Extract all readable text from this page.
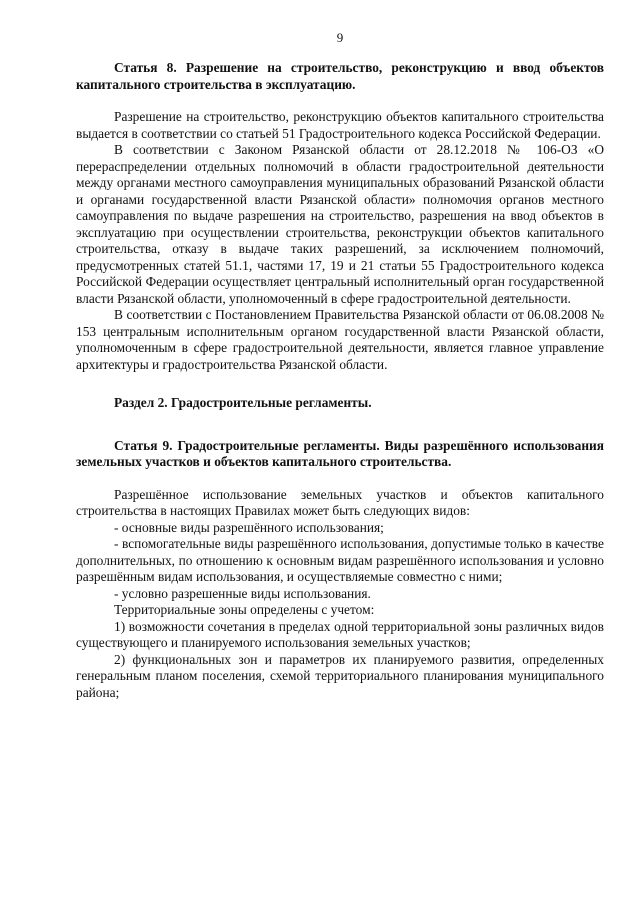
9
Статья 8. Разрешение на строительство, реконструкцию и ввод объектов капитального строительства в эксплуатацию.

Разрешение на строительство, реконструкцию объектов капитального строительства выдается в соответствии со статьей 51 Градостроительного кодекса Российской Федерации.

В соответствии с Законом Рязанской области от 28.12.2018 № 106-ОЗ «О перераспределении отдельных полномочий в области градостроительной деятельности между органами местного самоуправления муниципальных образований Рязанской области и органами государственной власти Рязанской области» полномочия органов местного самоуправления по выдаче разрешения на строительство, разрешения на ввод объектов в эксплуатацию при осуществлении строительства, реконструкции объектов капитального строительства, отказу в выдаче таких разрешений, за исключением полномочий, предусмотренных статей 51.1, частями 17, 19 и 21 статьи 55 Градостроительного кодекса Российской Федерации осуществляет центральный исполнительный орган государственной власти Рязанской области, уполномоченный в сфере градостроительной деятельности.

В соответствии с Постановлением Правительства Рязанской области от 06.08.2008 № 153 центральным исполнительным органом государственной власти Рязанской области, уполномоченным в сфере градостроительной деятельности, является главное управление архитектуры и градостроительства Рязанской области.

Раздел 2. Градостроительные регламенты.
Статья 9. Градостроительные регламенты. Виды разрешённого использования земельных участков и объектов капитального строительства.

Разрешённое использование земельных участков и объектов капитального строительства в настоящих Правилах может быть следующих видов:

- основные виды разрешённого использования;

- вспомогательные виды разрешённого использования, допустимые только в качестве дополнительных, по отношению к основным видам разрешённого использования и условно разрешённым видам использования, и осуществляемые совместно с ними;

- условно разрешенные виды использования.

Территориальные зоны определены с учетом:

1) возможности сочетания в пределах одной территориальной зоны различных видов существующего и планируемого использования земельных участков;

2) функциональных зон и параметров их планируемого развития, определенных генеральным планом поселения, схемой территориального планирования муниципального района;
